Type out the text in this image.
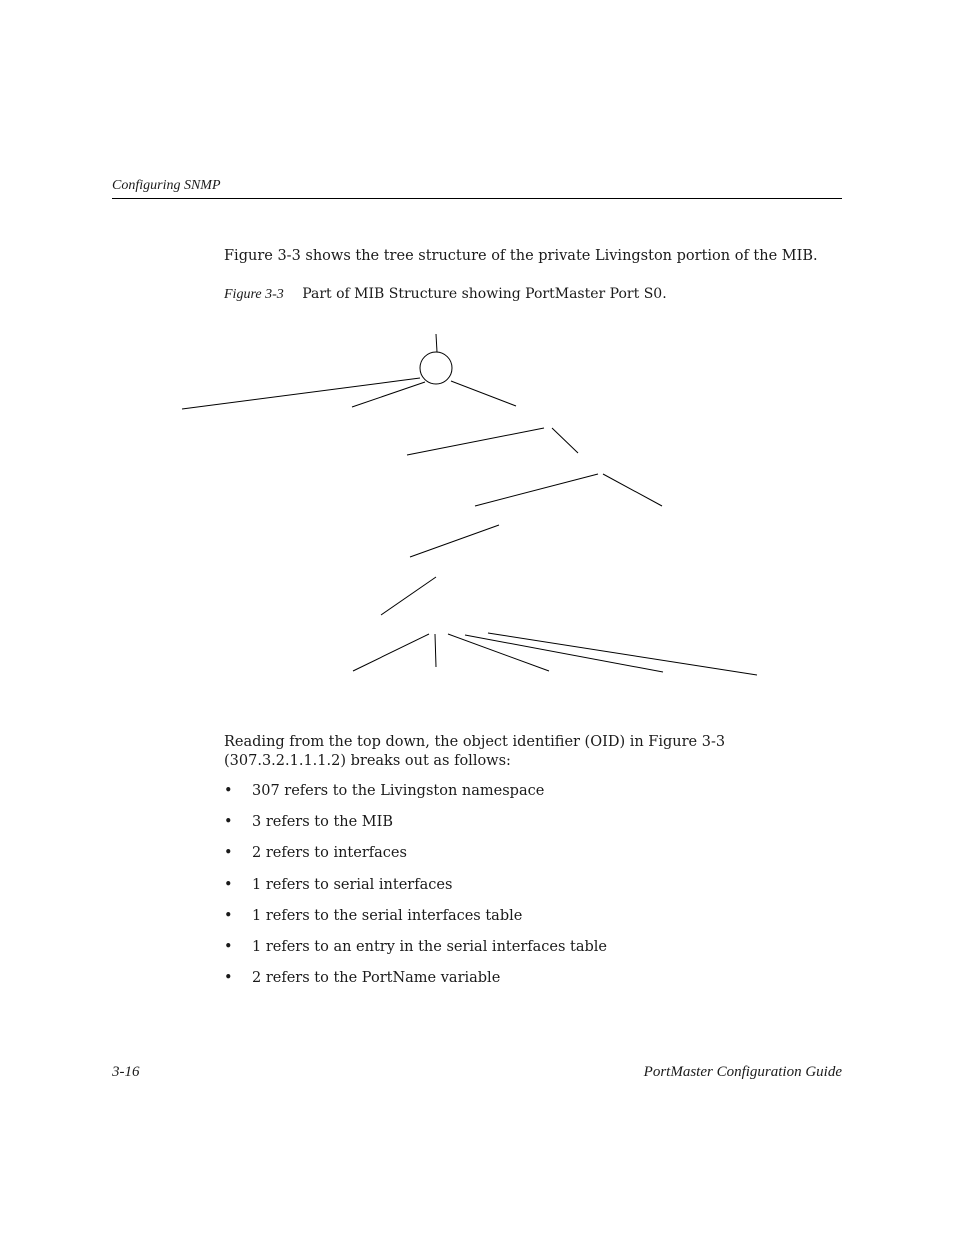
Configuring SNMP
Figure 3-3 shows the tree structure of the private Livingston portion of the MIB.
Figure 3-3 Part of MIB Structure showing PortMaster Port S0.
Reading from the top down, the object identifier (OID) in Figure 3-3 (307.3.2.1.1.1.2) breaks out as follows:
•	307 refers to the Livingston namespace
•	3 refers to the MIB
•	2 refers to interfaces
•	1 refers to serial interfaces
•	1 refers to the serial interfaces table
•	1 refers to an entry in the serial interfaces table
•	2 refers to the PortName variable
3-16	PortMaster Configuration Guide
